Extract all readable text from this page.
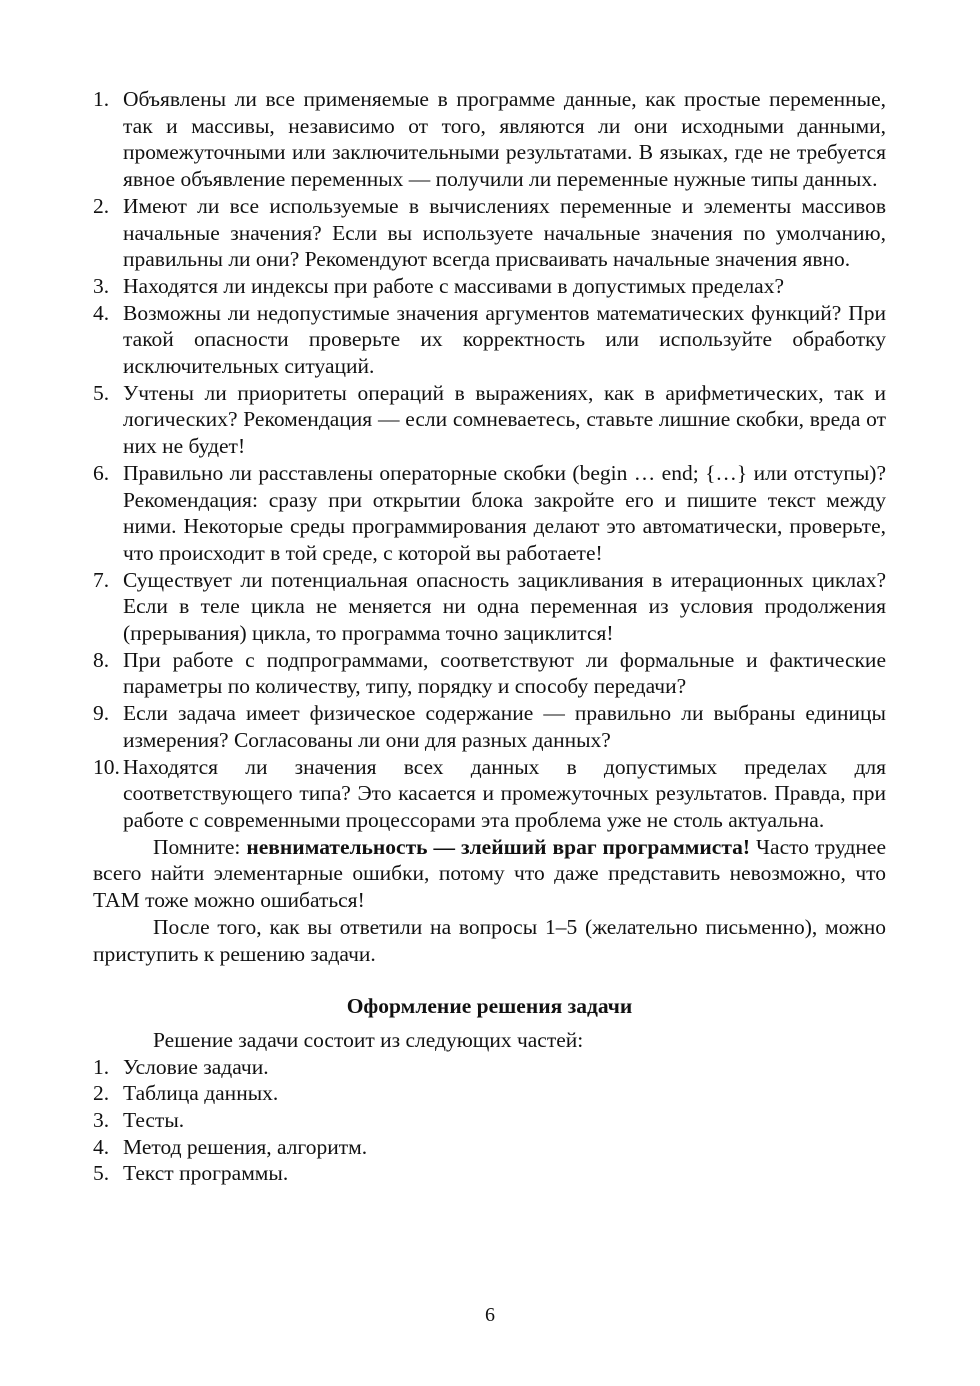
1. Объявлены ли все применяемые в программе данные, как простые переменные, так и массивы, независимо от того, являются ли они исходными данными, промежуточными или заключительными результатами. В языках, где не требуется явное объявление переменных — получили ли переменные нужные типы данных.
2. Имеют ли все используемые в вычислениях переменные и элементы массивов начальные значения? Если вы используете начальные значения по умолчанию, правильны ли они? Рекомендуют всегда присваивать начальные значения явно.
3. Находятся ли индексы при работе с массивами в допустимых пределах?
4. Возможны ли недопустимые значения аргументов математических функций? При такой опасности проверьте их корректность или используйте обработку исключительных ситуаций.
5. Учтены ли приоритеты операций в выражениях, как в арифметических, так и логических? Рекомендация — если сомневаетесь, ставьте лишние скобки, вреда от них не будет!
6. Правильно ли расставлены операторные скобки (begin … end; {…} или отступы)? Рекомендация: сразу при открытии блока закройте его и пишите текст между ними. Некоторые среды программирования делают это автоматически, проверьте, что происходит в той среде, с которой вы работаете!
7. Существует ли потенциальная опасность зацикливания в итерационных циклах? Если в теле цикла не меняется ни одна переменная из условия продолжения (прерывания) цикла, то программа точно зациклится!
8. При работе с подпрограммами, соответствуют ли формальные и фактические параметры по количеству, типу, порядку и способу передачи?
9. Если задача имеет физическое содержание — правильно ли выбраны единицы измерения? Согласованы ли они для разных данных?
10. Находятся ли значения всех данных в допустимых пределах для соответствующего типа? Это касается и промежуточных результатов. Правда, при работе с современными процессорами эта проблема уже не столь актуальна.

Помните: невнимательность — злейший враг программиста! Часто труднее всего найти элементарные ошибки, потому что даже представить невозможно, что ТАМ тоже можно ошибаться!

После того, как вы ответили на вопросы 1–5 (желательно письменно), можно приступить к решению задачи.

Оформление решения задачи

Решение задачи состоит из следующих частей:

1. Условие задачи.
2. Таблица данных.
3. Тесты.
4. Метод решения, алгоритм.
5. Текст программы.
6
